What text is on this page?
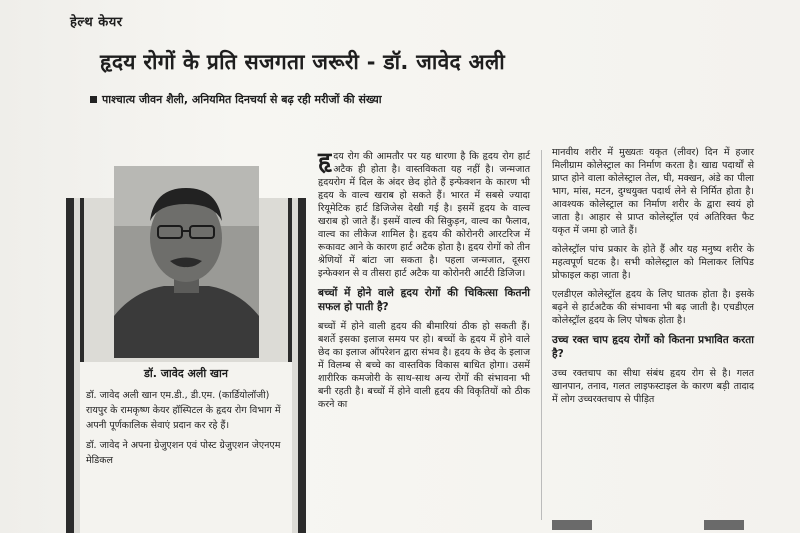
हेल्थ केयर
हृदय रोगों के प्रति सजगता जरूरी - डॉ. जावेद अली
पाश्चात्य जीवन शैली, अनियमित दिनचर्या से बढ़ रही मरीजों की संख्या
डॉ. जावेद अली खान

डॉ. जावेद अली खान एम.डी., डी.एम. (कार्डियोलॉजी) रायपुर के रामकृष्ण केयर हॉस्पिटल के हृदय रोग विभाग में अपनी पूर्णकालिक सेवाएं प्रदान कर रहे हैं।

डॉ. जावेद ने अपना ग्रेजुएशन एवं पोस्ट ग्रेजुएशन जेएनएम मेडिकल

हृदय रोग की आमतौर पर यह धारणा है कि हृदय रोग हार्ट अटैक ही होता है। वास्तविकता यह नहीं है। जन्मजात हृदयरोग में दिल के अंदर छेद होते हैं इन्फेक्शन के कारण भी हृदय के वाल्व खराब हो सकते हैं। भारत में सबसे ज्यादा रियूमेटिक हार्ट डिजिजेस देखी गई है। इसमें हृदय के वाल्व खराब हो जाते हैं। इसमें वाल्व की सिकुड़न, वाल्व का फैलाव, वाल्व का लीकेज शामिल है। हृदय की कोरोनरी आरटरिज में रूकावट आने के कारण हार्ट अटैक होता है। हृदय रोगों को तीन श्रेणियों में बांटा जा सकता है। पहला जन्मजात, दूसरा इन्फेक्शन से व तीसरा हार्ट अटैक या कोरोनरी आर्टरी डिजिज।

बच्चों में होने वाले हृदय रोगों की चिकित्सा कितनी सफल हो पाती है?

बच्चों में होने वाली हृदय की बीमारियां ठीक हो सकती हैं। बशर्ते इसका इलाज समय पर हो। बच्चों के हृदय में होने वाले छेद का इलाज ऑपरेशन द्वारा संभव है। हृदय के छेद के इलाज में विलम्ब से बच्चे का वास्तविक विकास बाधित होगा। उसमें शारीरिक कमजोरी के साथ-साथ अन्य रोगों की संभावना भी बनी रहती है। बच्चों में होने वाली हृदय की विकृतियों को ठीक करने का

मानवीय शरीर में मुख्यतः यकृत (लीवर) दिन में हजार मिलीग्राम कोलेस्ट्राल का निर्माण करता है। खाद्य पदार्थों से प्राप्त होने वाला कोलेस्ट्राल तेल, घी, मक्खन, अंडे का पीला भाग, मांस, मटन, दुग्धयुक्त पदार्थ लेने से निर्मित होता है। आवश्यक कोलेस्ट्राल का निर्माण शरीर के द्वारा स्वयं हो जाता है। आहार से प्राप्त कोलेस्ट्रॉल एवं अतिरिक्त फैट यकृत में जमा हो जाते हैं।

कोलेस्ट्रॉल पांच प्रकार के होते हैं और यह मनुष्य शरीर के महत्वपूर्ण घटक है। सभी कोलेस्ट्राल को मिलाकर लिपिड प्रोफाइल कहा जाता है।

एलडीएल कोलेस्ट्रॉल हृदय के लिए घातक होता है। इसके बढ़ने से हार्टअटैक की संभावना भी बढ़ जाती है। एचडीएल कोलेस्ट्रॉल हृदय के लिए पोषक होता है।

उच्च रक्त चाप हृदय रोगों को कितना प्रभावित करता है?

उच्च रक्तचाप का सीधा संबंध हृदय रोग से है। गलत खानपान, तनाव, गलत लाइफस्टाइल के कारण बड़ी तादाद में लोग उच्चरक्तचाप से पीड़ित
